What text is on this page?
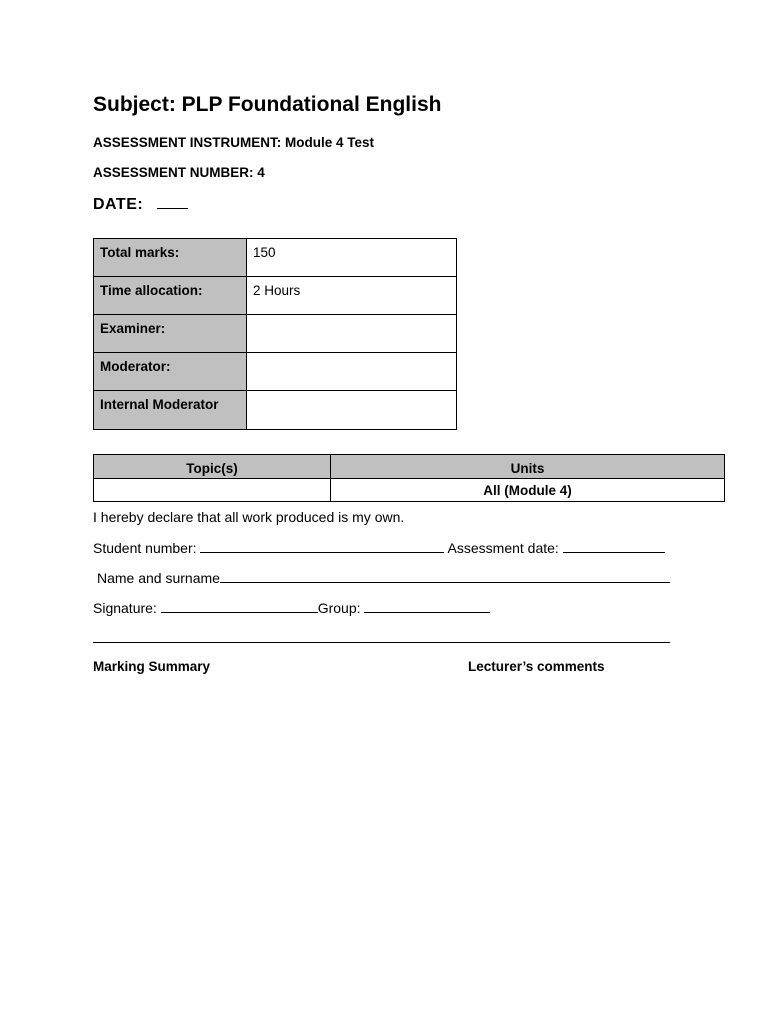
Subject: PLP Foundational English
ASSESSMENT INSTRUMENT: Module 4 Test
ASSESSMENT NUMBER: 4
DATE:
Total marks:	150
Time allocation:	2 Hours
Examiner:	
Moderator:	
Internal Moderator	
Topic(s)	Units
	All (Module 4)
I hereby declare that all work produced is my own.
Student number:	Assessment date:
Name and surname
Signature:	Group:
Marking Summary	Lecturer’s comments
